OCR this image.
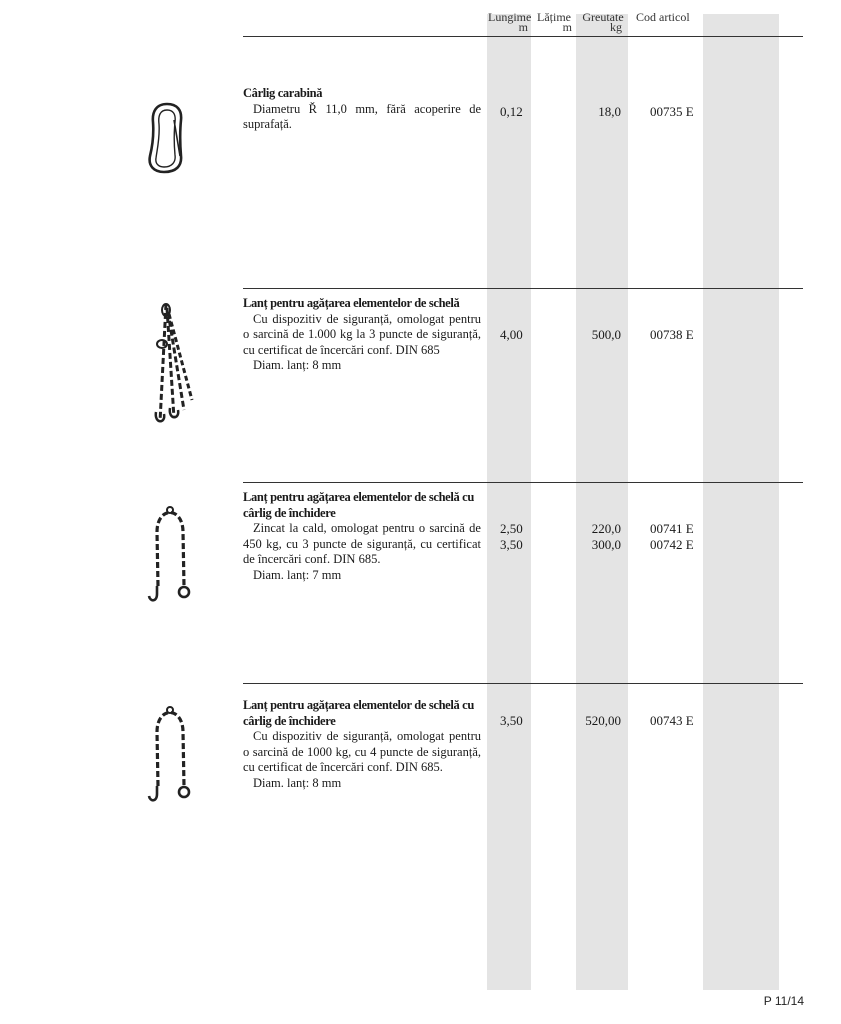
Lungime
m
Lățime
m
Greutate
kg
Cod articol
Cârlig carabină

Diametru Ř 11,0 mm, fără acoperire de suprafață.

0,12	18,0 00735 E
Lanț pentru agățarea elementelor de schelă

Cu dispozitiv de siguranță, omologat pentru o sarcină de 1.000 kg la 3 puncte de siguranță, cu certificat de încercări conf. DIN 685

Diam. lanț: 8 mm

4,00	500,0 00738 E
Lanț pentru agățarea elementelor de schelă cu cârlig de închidere

Zincat la cald, omologat pentru o sarcină de 450 kg, cu 3 puncte de siguranță, cu certificat de încercări conf. DIN 685.

Diam. lanț: 7 mm

2,50	220,0 00741 E
3,50	300,0 00742 E
Lanț pentru agățarea elementelor de schelă cu cârlig de închidere

Cu dispozitiv de siguranță, omologat pentru o sarcină de 1000 kg, cu 4 puncte de siguranță, cu certificat de încercări conf. DIN 685.

Diam. lanț: 8 mm

3,50	520,00 00743 E
P 11/14
